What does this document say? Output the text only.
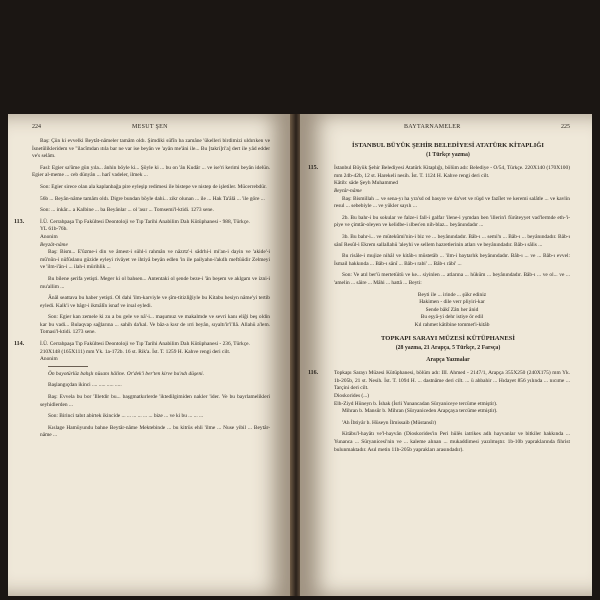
224	MESUT ŞEN

Baş: Çün ki evvelki Beytât-nâmeler tamâm oldı. Şimdiki süfîn ba zamâne 'ükelleri birdimizi uldırıken ve İsnetûlikleridem ve "ilacîmdan ıtıla bar ne var ise beyân ve 'ayân me'âni ile... Bu [takri]ri'a] dert ile yâd edder ve's selâm.

Fasl: Egier sa'ûme gün yıla... ânhin böyle ki... Şöyle ki ... bu on 'ân Kudâr ... ve ise'ri kerimi beyân idelün. Egier al-meme ... ceb dünyân ... harî vadeler, ilmek ...

Son: Egier sirece olan ala kaplanbağa pire eyleşip redimesi ile bistepe ve nistep de işletiler. Mücerrebdür.

56b ... Beyân-nâme tamâm oldı. Digre bundan böyle dahi... zikr olunan ... ile ... Hak Ta'âlâ ... 'ile göre ...

Son: ... inkâr... a Kalbine ... ba Beyânlar ... ol 'asır ... Tomsemi'l-ktidi. 1273 sene.

113.	İ.Ü. Cerrahpaşa Tıp Fakültesi Deontoloji ve Tıp Tarihi Anabilim Dalı Kütüphanesi - 988, Türkçe.
YL 61b-76b.
Anonim
Beyzât-nâme

Baş: Bism... E'ûzme-i din ve âmest-i sühl-i rahmân ve nâzrtz'-i sâdrhi-i mi'an-i dayin ve 'akide'-i mû'nûn-i nüfûslanu güzide eyleyi rivâyet ve ihtiyâ beyân edlen 'in ile pailyahn-i'akdlı meftüüdir Zelmeyi ve 'ilm-i'ân-i ... ilah-i mürihlik ...

Bu bilene şerifa yetişti. Meger ki ol bahsen... Antentaki ol şende beze-i 'ân beşem ve aklgam ve izni-i mu'allim ...

Ânâl seattava bu haber yetişti. Ol dahi 'ilm-karviyle ve şîm-titizliğiyle bu Kitabu hesiyn nâme'yi tertib eyledi. Kalk'i ve bâgr-i ikmâlîn isnaf ve irsal eyledi.

Son: Egier kan zemele ki zu a bu gele ve nâ'-i... maşumuz ve makalmde ve sevri kanı eliği beş oldin kar bu vadi... Bulaqvap sağlarına ... sahih da'kal. Ve bâz-a kısr de ırri beyân, sıyaltı'ir'i'llâ. Allahü a'lem. Tomasi'l-ktidi. 1273 sene.

114.	İ.Ü. Cerrahpaşa Tıp Fakültesi Deontoloji ve Tıp Tarihi Anabilim Dalı Kütüphanesi - 236, Türkçe.
210X148 (165X111) mm Yk. 1a-172b. 16 st. Rik'a. İst. T. 1259 H. Kahve rengi deri cilt.
Anonim

Ön bayotürlüz bahşlı nüsanı hâline. Or'dek'i ber'ten kirve bu'ndı düşeni.

Başlangıçdan ikinci .... ..... ..... .....

Baş: Evvela bu bor 'Illetdir bu... başgmatkırlerde 'iktedilgimiden nakler 'ider. Ve bu bayrlamelikleri seyhidlerden ...

Son: Birinci tabıt abirtek ikincide ... ... ... ... ... ... bize ... ve ki bu ... ... ...

Kıslage Hamüyundu bahne Beytâr-nâme Mektebinde ... bu kitrüs ehli 'ilme ... Nuse yibil ... Beytâr-nâme ...

BAYTARNAMELER	225
İSTANBUL BÜYÜK ŞEHİR BELEDİYESİ ATATÜRK KİTAPLIĞI
(1 Türkçe yazma)
115.	İstanbul Büyük Şehir Belediyesi Atatürk Kitaplığı, bölüm adı: Belediye - O/54, Türkçe. 220X140 (170X100) mm 24b-42b, 12 st. Harekeli nesih. İst. T. 1124 H. Kahve rengi deri cilt.
Kâtib: sâde Şeyh Muhammed
Beytâr-nâme

Baş: Bismillah ... ve sena-yı ha yra'sd od basyre ve da'vet ve rüşd ve fazîlet ve keremi salâtle ... ve kavlin resul ... sebebiyle ... ve yükler sayılı ...

2b. Bu bahr-i bu sokular ve falze-i fall-i galfar 'ilene-i yşmdan ben 'illerin'i fürüteyyet vad'lermde eth-'i-piye ve çimtâr-oleyen ve kelidbe-i ılbes'en nih-blaz... beyânındadır ...

3b. Bu bahr-i... ve mütekûmi'nin-i biz ve ... beyânındadır. Bâb-ı ... semi'n ... Bâb-ı ... beyânındadır. Bâb-ı sânî Resûl-i Ekrem sallallahü 'aleyhi ve sellem hazretlerinin atları ve beyânındadır. Bâb-ı sâlis ...

Bu risâle-i mujize nihâl ve kitâb-ı müstetâb ... 'ilm-i baytarlık beyânındadır. Bâb-ı ... ve ... Bâb-ı evvel: İsmail hakkında ... Bâb-ı sânî ... Bâb-ı rabi' ... Bâb-ı râbi' ...

Son: Ve atıl ber'ü mertetüitü ve ke... siyinlen ... atlarına ... hüküm ... beyânındadır. Bâb-ı ... ve ol... ve ... 'amelin ... sâire ... Mâhi ... hattâ ... Beyti:

Beyti ile ... irinde ... şükr ediniz
Hakimen - dile verr pliyiri-kar
Sende bâkî Zâtı her ânid
Bu eşyâ-yi dehr istiye ör edil
Kıl rahmet kâtibine tommet'i-kitâb
TOPKAPI SARAYI MÜZESİ KÜTÜPHANESİ
(28 yazma, 21 Arapça, 5 Türkçe, 2 Farsça)
Arapça Yazmalar
116.	Topkapı Sarayı Müzesi Kütüphanesi, bölüm adı: III. Ahmed - 2147/1, Arapça 355X250 (240X175) mm Yk. 1b-205b, 21 st. Nesih. İst. T. 1094 H. ... dastnâme deri cilt. ... ü ahbahir ... Hıdayet 856 yılında ... nıcıme ... Tarçini deri cilt.
Dioskorides (...)
Elh-Ziyd Hüneyn b. İshak (İsrli Yunancadan Süryaniceye tercüme etmiştir).

Mihran b. Mansûr b. Mihran (Süryaniceden Arapçaya tercüme etmiştir).

'Ah İbtiyâr b. Hüseyn İlmissaib (Müstansîr)

Kitâbu'l-hayâtı ve'l-hayvân (Dioskorides'in Peri hülês iatrikes adlı hayvanlar ve bitkiler hakkında ... Yunanca ... Süryanicesi'nin ve ... kaleme alınan ... mukaddimesi yazılmıştır. 1b-10b yapraklarında fihrist bulunmaktadır. Asıl metin 11b-205b yaprakları arasındadır).
